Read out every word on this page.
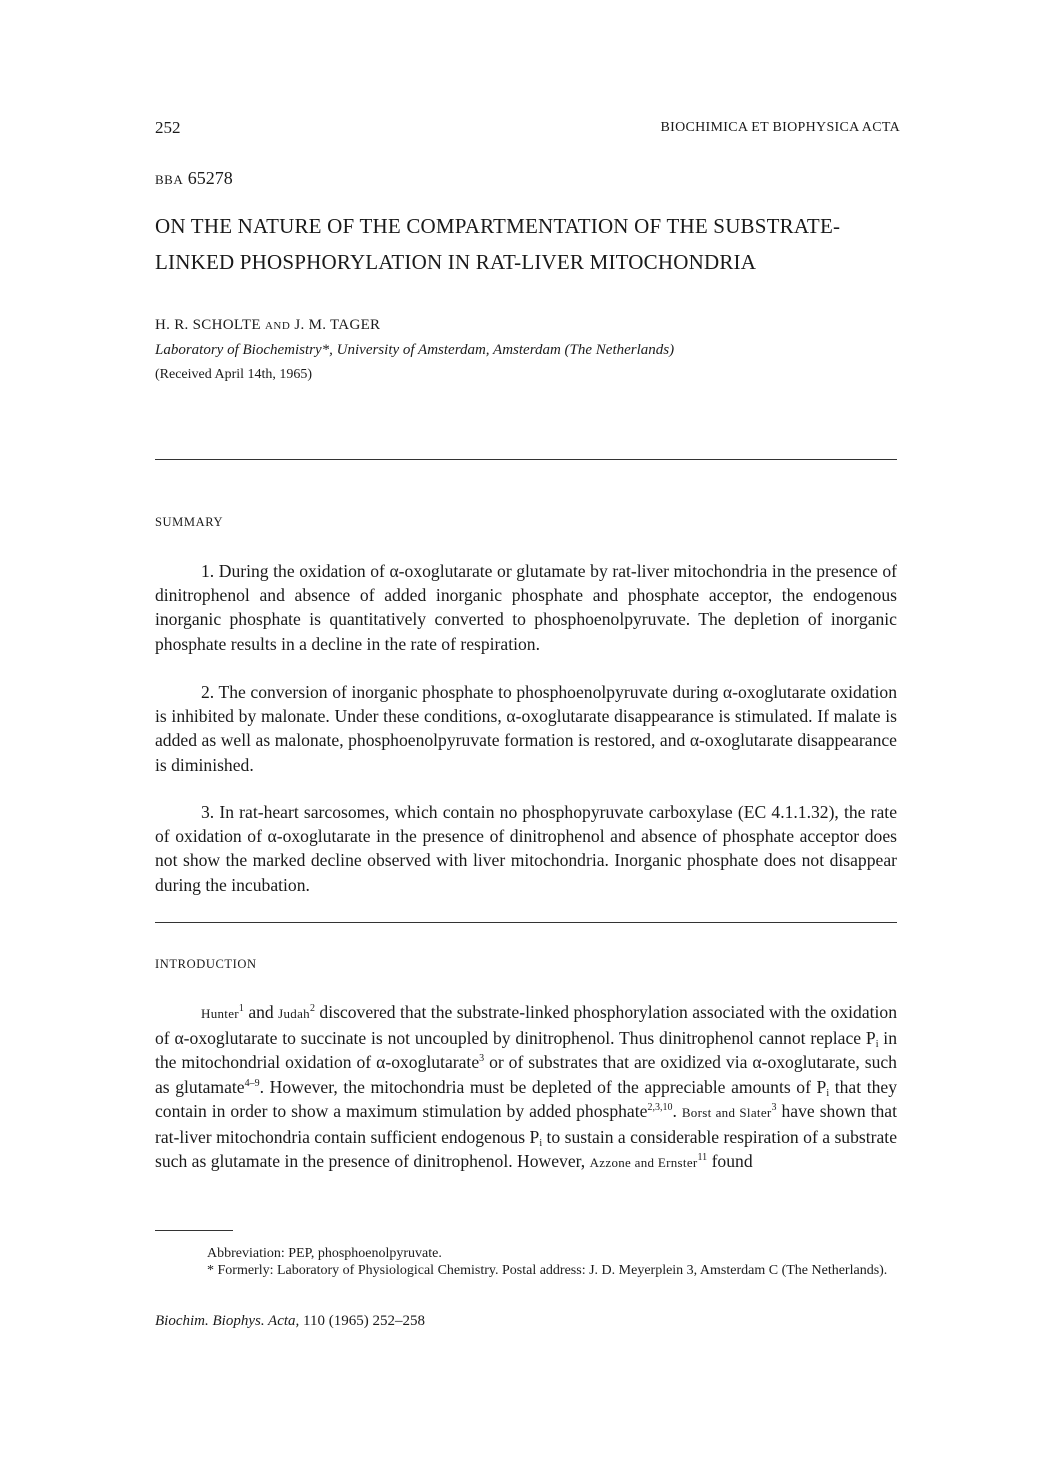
252	BIOCHIMICA ET BIOPHYSICA ACTA
BBA 65278
ON THE NATURE OF THE COMPARTMENTATION OF THE SUBSTRATE-
LINKED PHOSPHORYLATION IN RAT-LIVER MITOCHONDRIA
H. R. SCHOLTE AND J. M. TAGER
Laboratory of Biochemistry*, University of Amsterdam, Amsterdam (The Netherlands)
(Received April 14th, 1965)
SUMMARY
1. During the oxidation of α-oxoglutarate or glutamate by rat-liver mitochondria in the presence of dinitrophenol and absence of added inorganic phosphate and phosphate acceptor, the endogenous inorganic phosphate is quantitatively converted to phosphoenolpyruvate. The depletion of inorganic phosphate results in a decline in the rate of respiration.
2. The conversion of inorganic phosphate to phosphoenolpyruvate during α-oxoglutarate oxidation is inhibited by malonate. Under these conditions, α-oxoglutarate disappearance is stimulated. If malate is added as well as malonate, phosphoenolpyruvate formation is restored, and α-oxoglutarate disappearance is diminished.
3. In rat-heart sarcosomes, which contain no phosphopyruvate carboxylase (EC 4.1.1.32), the rate of oxidation of α-oxoglutarate in the presence of dinitrophenol and absence of phosphate acceptor does not show the marked decline observed with liver mitochondria. Inorganic phosphate does not disappear during the incubation.
INTRODUCTION
Hunter$^1$ and Judah$^2$ discovered that the substrate-linked phosphorylation associated with the oxidation of α-oxoglutarate to succinate is not uncoupled by dinitrophenol. Thus dinitrophenol cannot replace $P_i$ in the mitochondrial oxidation of α-oxoglutarate$^3$ or of substrates that are oxidized via α-oxoglutarate, such as glutamate$^{4-9}$. However, the mitochondria must be depleted of the appreciable amounts of $P_i$ that they contain in order to show a maximum stimulation by added phosphate$^{2,3,10}$. Borst and Slater$^3$ have shown that rat-liver mitochondria contain sufficient endogenous $P_i$ to sustain a considerable respiration of a substrate such as glutamate in the presence of dinitrophenol. However, Azzone and Ernster$^{11}$ found
Abbreviation: PEP, phosphoenolpyruvate.
* Formerly: Laboratory of Physiological Chemistry. Postal address: J. D. Meyerplein 3, Amsterdam C (The Netherlands).
Biochim. Biophys. Acta, 110 (1965) 252–258
